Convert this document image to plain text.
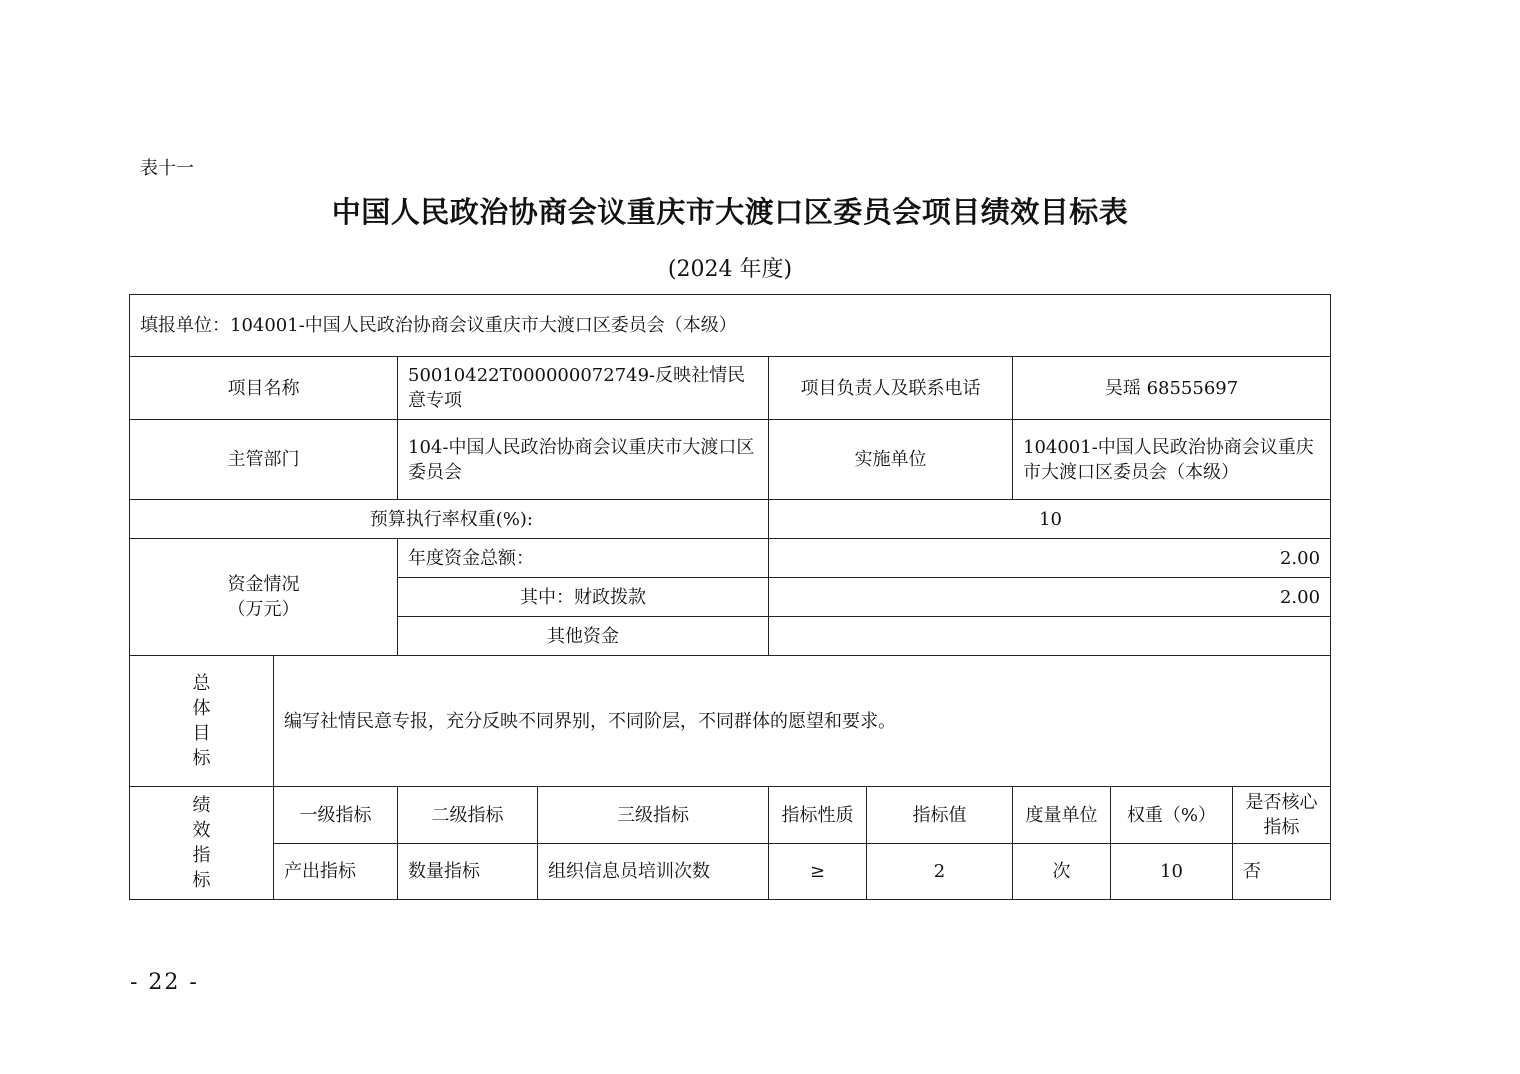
表十一
中国人民政治协商会议重庆市大渡口区委员会项目绩效目标表
(2024 年度)
填报单位：104001-中国人民政治协商会议重庆市大渡口区委员会（本级）								
项目名称		50010422T000000072749-反映社情民意专项		项目负责人及联系电话		吴瑶 68555697		
主管部门		104-中国人民政治协商会议重庆市大渡口区委员会		实施单位		104001-中国人民政治协商会议重庆市大渡口区委员会（本级）		
预算执行率权重(%):				10				

资金情况
（万元）		年度资金总额：		2.00				
		其中：财政拨款		2.00				
		其他资金						

总
体
目
标	编写社情民意专报，充分反映不同界别，不同阶层，不同群体的愿望和要求。							

绩
效
指
标	一级指标	二级指标	三级指标	指标性质	指标值	度量单位	权重（%）	是否核心指标
	产出指标	数量指标	组织信息员培训次数	≥	2	次	10	否
- 22 -
